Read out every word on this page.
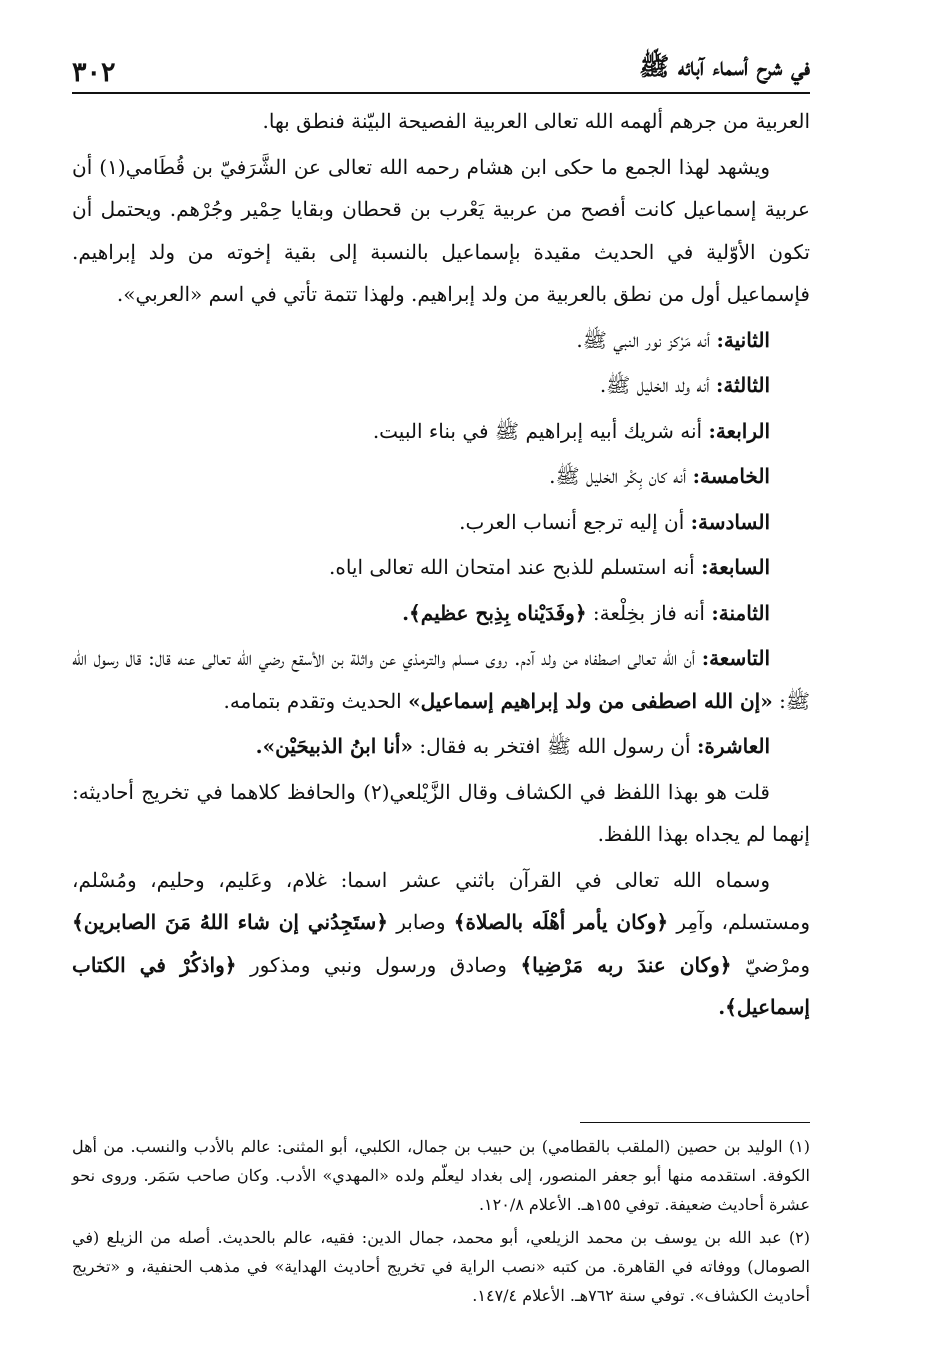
٣٠٢	في شرح أسماء آبائه ﷺ

العربية من جرهم ألهمه الله تعالى العربية الفصيحة البيّنة فنطق بها.

ويشهد لهذا الجمع ما حكى ابن هشام رحمه الله تعالى عن الشَّرَفيّ بن قُطَامي(١) أن عربية إسماعيل كانت أفصح من عربية يَعْرب بن قحطان وبقايا حِمْير وجُرْهم. ويحتمل أن تكون الأوّلية في الحديث مقيدة بإسماعيل بالنسبة إلى بقية إخوته من ولد إبراهيم. فإسماعيل أول من نطق بالعربية من ولد إبراهيم. ولهذا تتمة تأتي في اسم «العربي».

الثانية: أنه مَرْكز نور النبي ﷺ.

الثالثة: أنه ولد الخليل ﷺ.

الرابعة: أنه شريك أبيه إبراهيم ﷺ في بناء البيت.

الخامسة: أنه كان بِكْر الخليل ﷺ.

السادسة: أن إليه ترجع أنساب العرب.

السابعة: أنه استسلم للذبح عند امتحان الله تعالى اياه.

الثامنة: أنه فاز بخِلْعة: ﴿وفَدَيْناه بِذِبح عظيم﴾.

التاسعة: أن الله تعالى اصطفاه من ولد آدم. روى مسلم والترمذي عن واثلة بن الأسقع رضي الله تعالى عنه قال: قال رسول الله ﷺ: «إن الله اصطفى من ولد إبراهيم إسماعيل» الحديث وتقدم بتمامه.

العاشرة: أن رسول الله ﷺ افتخر به فقال: «أنا ابنُ الذبيحَيْن».

قلت هو بهذا اللفظ في الكشاف وقال الزَّيْلعي(٢) والحافظ كلاهما في تخريج أحاديثه: إنهما لم يجداه بهذا اللفظ.

وسماه الله تعالى في القرآن باثني عشر اسما: غلام، وعَليم، وحليم، ومُسْلم، ومستسلم، وآمِر ﴿وكان يأمر أهْلَه بالصلاة﴾ وصابر ﴿ستَجِدُني إن شاء اللهُ مَنَ الصابرين﴾ ومرْضيّ ﴿وكان عندَ ربه مَرْضِيا﴾ وصادق ورسول ونبي ومذكور ﴿واذكُرْ في الكتاب إسماعيل﴾.

(١) الوليد بن حصين (الملقب بالقطامي) بن حبيب بن جمال، الكلبي، أبو المثنى: عالم بالأدب والنسب. من أهل الكوفة. استقدمه منها أبو جعفر المنصور، إلى بغداد ليعلّم ولده «المهدي» الأدب. وكان صاحب سَمَر. وروى نحو عشرة أحاديث ضعيفة. توفي ١٥٥هـ. الأعلام ١٢٠/٨.

(٢) عبد الله بن يوسف بن محمد الزيلعي، أبو محمد، جمال الدين: فقيه، عالم بالحديث. أصله من الزيلع (في الصومال) ووفاته في القاهرة. من كتبه «نصب الراية في تخريج أحاديث الهداية» في مذهب الحنفية، و «تخريج أحاديث الكشاف». توفي سنة ٧٦٢هـ. الأعلام ١٤٧/٤.
